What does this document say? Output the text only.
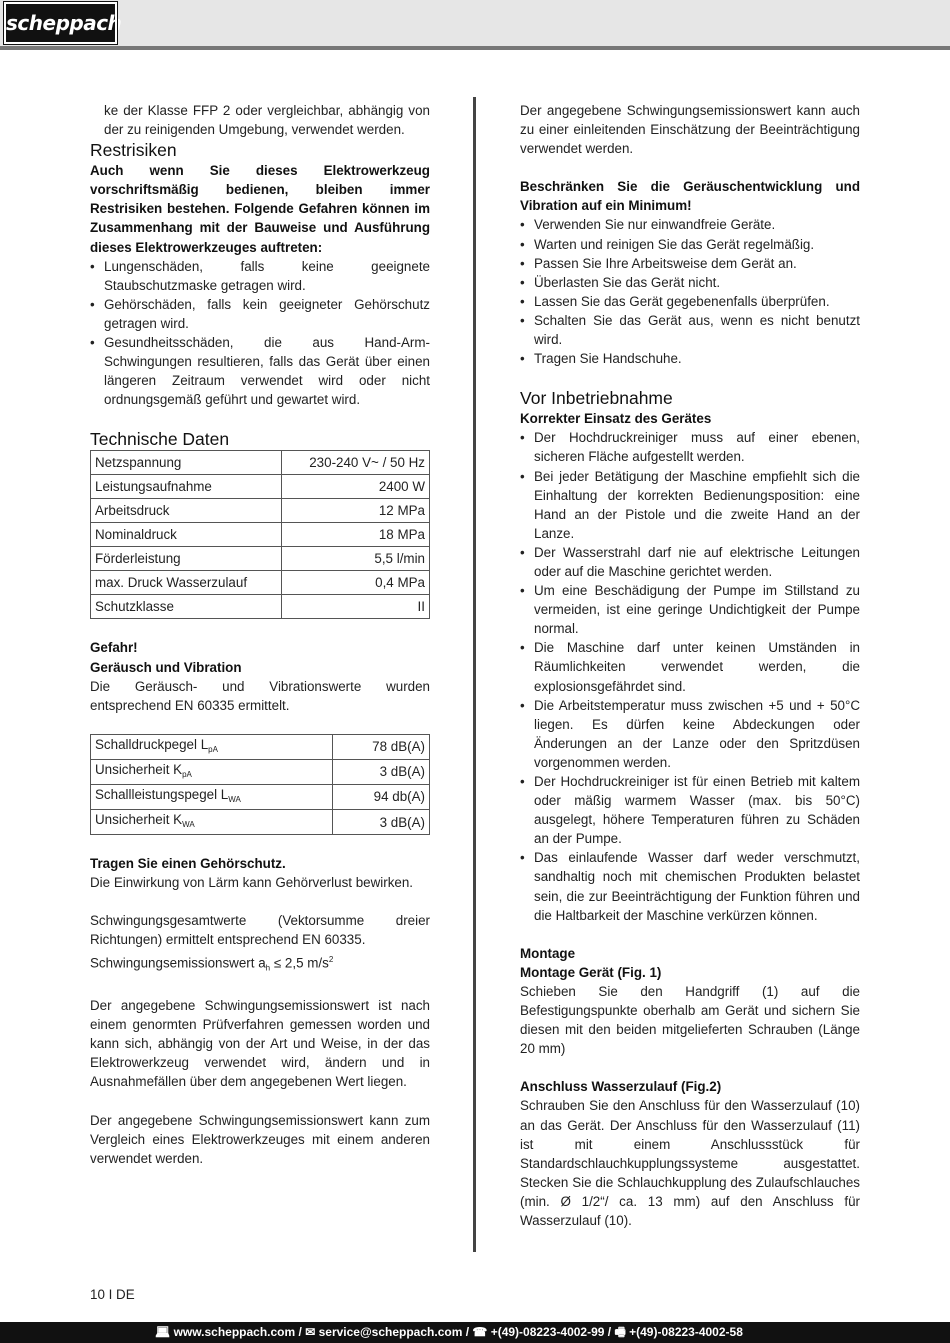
scheppach

ke der Klasse FFP 2 oder vergleichbar, abhängig von der zu reinigenden Umgebung, verwendet werden.

Restrisiken

Auch wenn Sie dieses Elektrowerkzeug vorschriftsmäßig bedienen, bleiben immer Restrisiken bestehen. Folgende Gefahren können im Zusammenhang mit der Bauweise und Ausführung dieses Elektrowerkzeuges auftreten:

• Lungenschäden, falls keine geeignete Staubschutzmaske getragen wird.
• Gehörschäden, falls kein geeigneter Gehörschutz getragen wird.
• Gesundheitsschäden, die aus Hand-Arm- Schwingungen resultieren, falls das Gerät über einen längeren Zeitraum verwendet wird oder nicht ordnungsgemäß geführt und gewartet wird.
Technische Daten
Netzspannung	230-240 V~ / 50 Hz
Leistungsaufnahme	2400 W
Arbeitsdruck	12 MPa
Nominaldruck	18 MPa
Förderleistung	5,5 l/min
max. Druck Wasserzulauf	0,4 MPa
Schutzklasse	II

Gefahr!

Geräusch und Vibration

Die Geräusch- und Vibrationswerte wurden entsprechend EN 60335 ermittelt.

Schalldruckpegel $L_{pA}$	78 dB(A)
Unsicherheit $K_{pA}$	3 dB(A)
Schallleistungspegel $L_{WA}$	94 db(A)
Unsicherheit $K_{WA}$	3 dB(A)

Tragen Sie einen Gehörschutz.

Die Einwirkung von Lärm kann Gehörverlust bewirken.

Schwingungsgesamtwerte (Vektorsumme dreier Richtungen) ermittelt entsprechend EN 60335.

Schwingungsemissionswert $a_h \le 2,5$ $m/s^2$

Der angegebene Schwingungsemissionswert ist nach einem genormten Prüfverfahren gemessen worden und kann sich, abhängig von der Art und Weise, in der das Elektrowerkzeug verwendet wird, ändern und in Ausnahmefällen über dem angegebenen Wert liegen.

Der angegebene Schwingungsemissionswert kann zum Vergleich eines Elektrowerkzeuges mit einem anderen verwendet werden.

Der angegebene Schwingungsemissionswert kann auch zu einer einleitenden Einschätzung der Beeinträchtigung verwendet werden.

Beschränken Sie die Geräuschentwicklung und Vibration auf ein Minimum!

• Verwenden Sie nur einwandfreie Geräte.
• Warten und reinigen Sie das Gerät regelmäßig.
• Passen Sie Ihre Arbeitsweise dem Gerät an.
• Überlasten Sie das Gerät nicht.
• Lassen Sie das Gerät gegebenenfalls überprüfen.
• Schalten Sie das Gerät aus, wenn es nicht benutzt wird.
• Tragen Sie Handschuhe.
Vor Inbetriebnahme

Korrekter Einsatz des Gerätes

• Der Hochdruckreiniger muss auf einer ebenen, sicheren Fläche aufgestellt werden.
• Bei jeder Betätigung der Maschine empfiehlt sich die Einhaltung der korrekten Bedienungsposition: eine Hand an der Pistole und die zweite Hand an der Lanze.
• Der Wasserstrahl darf nie auf elektrische Leitungen oder auf die Maschine gerichtet werden.
• Um eine Beschädigung der Pumpe im Stillstand zu vermeiden, ist eine geringe Undichtigkeit der Pumpe normal.
• Die Maschine darf unter keinen Umständen in Räumlichkeiten verwendet werden, die explosionsgefährdet sind.
• Die Arbeitstemperatur muss zwischen +5 und + 50°C liegen. Es dürfen keine Abdeckungen oder Änderungen an der Lanze oder den Spritzdüsen vorgenommen werden.
• Der Hochdruckreiniger ist für einen Betrieb mit kaltem oder mäßig warmem Wasser (max. bis 50°C) ausgelegt, höhere Temperaturen führen zu Schäden an der Pumpe.
• Das einlaufende Wasser darf weder verschmutzt, sandhaltig noch mit chemischen Produkten belastet sein, die zur Beeinträchtigung der Funktion führen und die Haltbarkeit der Maschine verkürzen können.

Montage

Montage Gerät (Fig. 1)

Schieben Sie den Handgriff (1) auf die Befestigungspunkte oberhalb am Gerät und sichern Sie diesen mit den beiden mitgelieferten Schrauben (Länge 20 mm)

Anschluss Wasserzulauf (Fig.2)

Schrauben Sie den Anschluss für den Wasserzulauf (10) an das Gerät. Der Anschluss für den Wasserzulauf (11) ist mit einem Anschlussstück für Standardschlauchkupplungssysteme ausgestattet. Stecken Sie die Schlauchkupplung des Zulaufschlauches (min. Ø 1/2“/ ca. 13 mm) auf den Anschluss für Wasserzulauf (10).

10 I DE
💻︎ www.scheppach.com / ✉︎ service@scheppach.com / ☎︎ +(49)-08223-4002-99 / 🖷︎ +(49)-08223-4002-58
